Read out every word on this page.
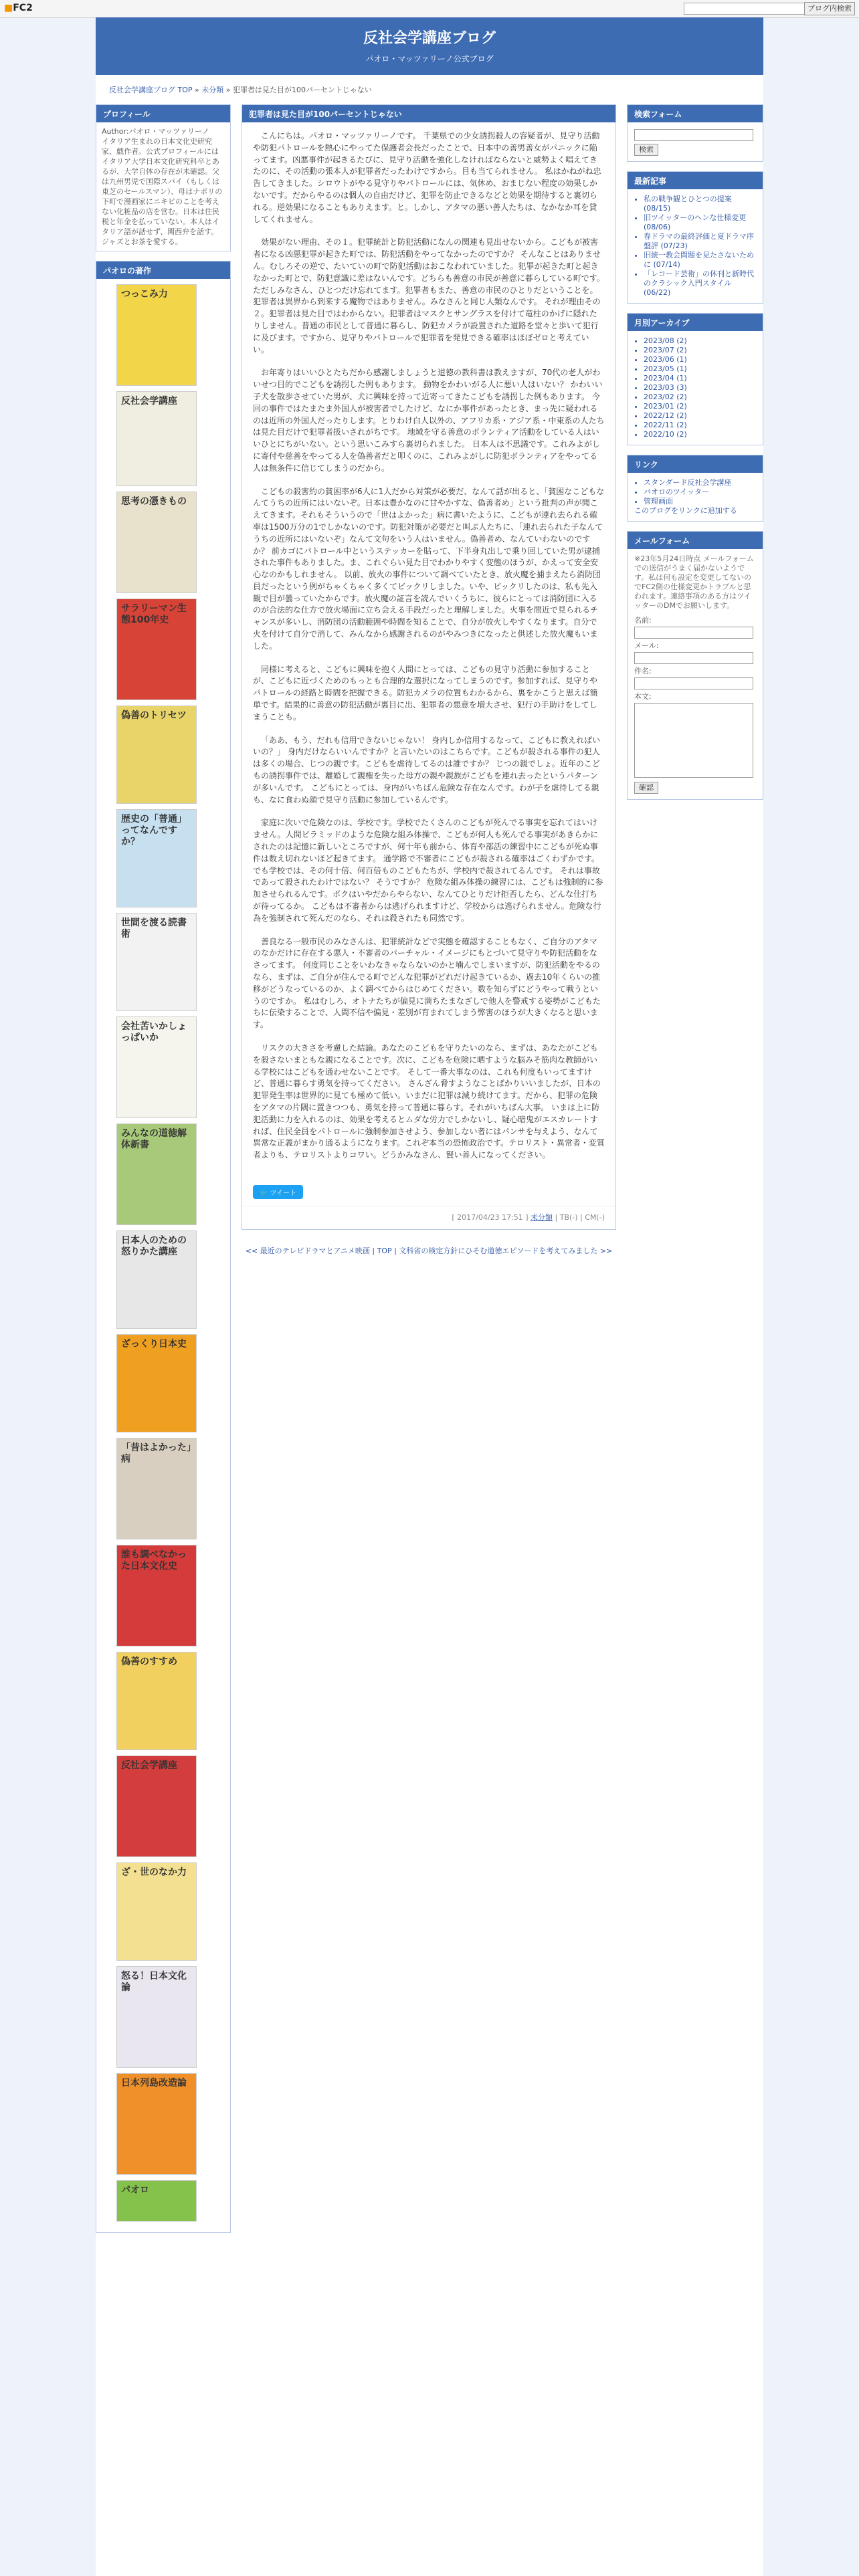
■FC2	ブログ内検索
反社会学講座ブログ
パオロ・マッツァリーノ公式ブログ
反社会学講座ブログ TOP » 未分類 » 犯罪者は見た目が100パーセントじゃない
プロフィール
Author:パオロ・マッツァリーノ
イタリア生まれの日本文化史研究家、戯作者。公式プロフィールにはイタリア大学日本文化研究科卒とあるが、大学自体の存在が未確認。父は九州男児で国際スパイ（もしくは東芝のセールスマン）、母はナポリの下町で漫画家にニキビのことを考えない化粧品の店を営む。日本は住民税と年金を払っていない。本人はイタリア語が話せず、関西弁を話す。ジャズとお茶を愛する。
パオロの著作
つっこみ力
反社会学講座
思考の憑きもの
サラリーマン生態100年史
偽善のトリセツ
歴史の「普通」ってなんですか？
世間を渡る読書術
会社苦いかしょっぱいか
みんなの道徳解体新書
日本人のための怒りかた講座
ざっくり日本史
「昔はよかった」病
誰も調べなかった日本文化史
偽善のすすめ
反社会学講座
ざ・世のなか力
怒る！日本文化論
日本列島改造論
パオロ
犯罪者は見た目が100パーセントじゃない

こんにちは。パオロ・マッツァリーノです。 千葉県での少女誘拐殺人の容疑者が、見守り活動や防犯パトロールを熱心にやってた保護者会長だったことで、日本中の善男善女がパニックに陥ってます。凶悪事件が起きるたびに、見守り活動を強化しなければならないと威勢よく唱えてきたのに、その活動の張本人が犯罪者だったわけですから。目も当てられません。 私はかねがね忠告してきました。シロウトがやる見守りやパトロールには、気休め、おまじない程度の効果しかないです。だからやるのは個人の自由だけど、犯罪を防止できるなどと効果を期待すると裏切られる。逆効果になることもありえます。と。しかし、アタマの悪い善人たちは、なかなか耳を貸してくれません。

効果がない理由、その１。犯罪統計と防犯活動になんの関連も見出せないから。こどもが被害者になる凶悪犯罪が起きた町では、防犯活動をやってなかったのですか？ そんなことはありません。むしろその逆で、たいていの町で防犯活動はおこなわれていました。犯罪が起きた町と起きなかった町とで、防犯意識に差はないんです。どちらも善意の市民が善意に暮らしている町です。ただしみなさん、ひとつだけ忘れてます。犯罪者もまた、善意の市民のひとりだということを。犯罪者は異界から到来する魔物ではありません。みなさんと同じ人類なんです。 それが理由その２。犯罪者は見た目ではわからない。犯罪者はマスクとサングラスを付けて竜柱のかげに隠れたりしません。普通の市民として普通に暮らし、防犯カメラが設置された道路を堂々と歩いて犯行に及びます。ですから、見守りやパトロールで犯罪者を発見できる確率はほぼゼロと考えていい。

お年寄りはいいひとたちだから感謝しましょうと道徳の教科書は教えますが、70代の老人がわいせつ目的でこどもを誘拐した例もあります。 動物をかわいがる人に悪い人はいない？ かわいい子犬を散歩させていた男が、犬に興味を持って近寄ってきたこどもを誘拐した例もあります。 今回の事件ではたまたま外国人が被害者でしたけど、なにか事件があったとき、まっ先に疑われるのは近所の外国人だったりします。とりわけ白人以外の、アフリカ系・アジア系・中東系の人たちは見た目だけで犯罪者扱いされがちです。 地域を守る善意のボランティア活動をしている人はいいひとにちがいない。という思いこみすら裏切られました。 日本人は不思議です。これみよがしに寄付や慈善をやってる人を偽善者だと叩くのに、これみよがしに防犯ボランティアをやってる人は無条件に信じてしまうのだから。

こどもの殺害約の貧困率が6人に1人だから対策が必要だ、なんて話が出ると、「貧困なこどもなんてうちの近所にはいないぞ。日本は豊かなのに甘やかすな、偽善者め」という批判の声が聞こえてきます。それもそういうので「世はよかった」病に書いたように、こどもが連れ去られる確率は1500万分の1でしかないのです。防犯対策が必要だと叫ぶ人たちに、「連れ去られた子なんてうちの近所にはいないぞ」なんて文句をいう人はいません。偽善者め、なんていわないのですか？ 前カゴにパトロール中というステッカーを貼って、下半身丸出しで乗り回していた男が逮捕された事件もありました。ま、これぐらい見た目でわかりやすく変態のほうが、かえって安全安心なのかもしれません。 以前、放火の事件について調べていたとき、放火魔を捕まえたら消防団員だったという例がちゃくちゃく多くてビックリしました。いや、ビックリしたのは、私も先入観で目が曇っていたからです。放火魔の証言を読んでいくうちに、彼らにとっては消防団に入るのが合法的な仕方で放火場面に立ち会える手段だったと理解しました。火事を間近で見られるチャンスが多いし、消防団の活動範囲や時間を知ることで、自分が放火しやすくなります。自分で火を付けて自分で消して、みんなから感謝されるのがやみつきになったと供述した放火魔もいました。

同様に考えると、こどもに興味を抱く人間にとっては、こどもの見守り活動に参加することが、こどもに近づくためのもっとも合理的な選択になってしまうのです。参加すれば、見守りやパトロールの経路と時間を把握できる。防犯カメラの位置もわかるから、裏をかこうと思えば簡単です。結果的に善意の防犯活動が裏目に出、犯罪者の悪意を増大させ、犯行の手助けをしてしまうことも。

「ああ、もう、だれも信用できないじゃない！ 身内しか信用するなって、こどもに教えればいいの？」 身内だけならいいんですか？と言いたいのはこちらです。こどもが殺される事件の犯人は多くの場合、じつの親です。こどもを虐待してるのは誰ですか？ じつの親でしょ。近年のこどもの誘拐事件では、離婚して親権を失った母方の親や親族がこどもを連れ去ったというパターンが多いんです。 こどもにとっては、身内がいちばん危険な存在なんです。わが子を虐待してる親も、なに食わぬ顔で見守り活動に参加しているんです。

家庭に次いで危険なのは、学校です。学校でたくさんのこどもが死んでる事実を忘れてはいけません。人間ピラミッドのような危険な組み体操で、こどもが何人も死んでる事実があきらかにされたのは記憶に新しいところですが、何十年も前から、体育や部活の練習中にこどもが死ぬ事件は数え切れないほど起きてます。 通学路で不審者にこどもが殺される確率はごくわずかです。でも学校では、その何十倍、何百倍ものこどもたちが、学校内で殺されてるんです。 それは事故であって殺されたわけではない？ そうですか？ 危険な組み体操の練習には、こどもは強制的に参加させられるんです。ボクはいやだからやらない、なんてひとりだけ拒否したら、どんな仕打ちが待ってるか。 こどもは不審者からは逃げられますけど、学校からは逃げられません。危険な行為を強制されて死んだのなら、それは殺されたも同然です。

善良なる一般市民のみなさんは、犯罪統計などで実態を確認することもなく、ご自分のアタマのなかだけに存在する悪人・不審者のパーチャル・イメージにもとづいて見守りや防犯活動をなさってます。 何度同じことをいわなきゃならないのかと噛んでしまいますが、防犯活動をやるのなら、まずは、ご自分が住んでる町でどんな犯罪がどれだけ起きているか、過去10年くらいの推移がどうなっているのか、よく調べてからはじめてください。数を知らずにどうやって戦うというのですか。 私はむしろ、オトナたちが偏見に満ちたまなざしで他人を警戒する姿勢がこどもたちに伝染することで、人間不信や偏見・差別が育まれてしまう弊害のほうが大きくなると思います。

リスクの大きさを考慮した結論。あなたのこどもを守りたいのなら、まずは、あなたがこどもを殺さないまともな親になることです。次に、こどもを危険に晒すような脳みそ筋肉な教師がいる学校にはこどもを通わせないことです。 そして一番大事なのは、これも何度もいってますけど、普通に暮らす勇気を持ってください。 さんざん脅すようなことばかりいいましたが、日本の犯罪発生率は世界的に見ても極めて低い。いまだに犯罪は減り続けてます。だから、犯罪の危険をアタマの片隅に置きつつも、勇気を持って普通に暮らす。それがいちばん大事。 いまは上に防犯活動に力を入れるのは、効果を考えるとムダな労力でしかないし、疑心暗鬼がエスカレートすれば、住民全員をパトロールに強制参加させよう、参加しない者にはパンサを与えよう、なんて異常な正義がまかり通るようになります。これぞ本当の恐怖政治です。テロリスト・異常者・変質者よりも、テロリストよりコワい。どうかみなさん、賢い善人になってください。

🐦 ツイート
[ 2017/04/23 17:51 ] 未分類 | TB(-) | CM(-)
<< 最近のテレビドラマとアニメ映画 | TOP | 文科省の検定方針にひそむ道徳エピソードを考えてみました >>
検索フォーム
検索
最新記事
• 私の戦争観とひとつの提案 (08/15)
• 旧ツイッターのヘンな仕様変更 (08/06)
• 春ドラマの最終評価と夏ドラマ序盤評 (07/23)
• 旧統一教会問題を見たさないために (07/14)
• 「レコード芸術」の休刊と新時代のクラシック入門スタイル (06/22)
月別アーカイブ
• 2023/08 (2)
• 2023/07 (2)
• 2023/06 (1)
• 2023/05 (1)
• 2023/04 (1)
• 2023/03 (3)
• 2023/02 (2)
• 2023/01 (2)
• 2022/12 (2)
• 2022/11 (2)
• 2022/10 (2)
リンク
• スタンダード反社会学講座
• パオロのツイッター
• 管理画面
このブログをリンクに追加する
メールフォーム
※23年5月24日時点 メールフォームでの送信がうまく届かないようです。私は何も設定を変更してないのでFC2側の仕様変更かトラブルと思われます。連絡事項のある方はツイッターのDMでお願いします。
名前:
メール:
件名:
本文:
確認
